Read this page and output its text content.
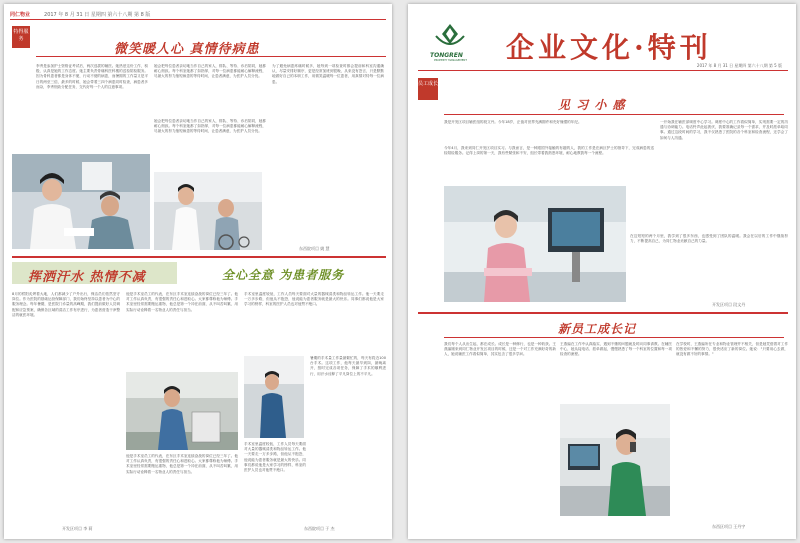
同仁物业	2017 年 8 月 31 日 星期四 第六十八期 第 8 版
特得服务
微笑暖人心 真情待病患
李秀是参加护士资格证考试后，两次选拔的辅医。她热爱这份工作，积极、认真是她的工作态度。她主要负责骨痛科医科楼的送检陪检服务。因为骨科患者都是身体不便，行动不便的病患，而暑期的工作量又是平日的两至三倍，最多的时候，她会带着三四个病患同时检查，病患者多而杂，李秀细致分配任务，交代好每一个人的注意事项。
她会把每位患者亲切地当作自己的家人，排队、等待、诊后陪同，她都耐心细致。每个科室她都了如指掌，对每一位病患都能耐心解释流程，尽最大的努力缩短病患的等待时间，让患者满意，为医护人员分忧。
为了避免病患疼痛时候多，她每到一项检查时都会提前和科室沟通确认，尽量安排好顺序，更是经常加班到很晚，从来没有怨言，只是默默地做好自己的本职工作，用微笑温暖每一位患者，用真情对待每一位病患。
她会把每位患者亲切地当作自己的家人，排队、等待、诊后陪同，她都耐心细致。每个科室她都了如指掌，对每一位病患都能耐心解释流程，尽最大的努力缩短病患的等待时间，让患者满意，为医护人员分忧。
东西院项目 姚 慧
挥洒汗水 热情不减	全心全意 为患者服务
8月的骄阳炙烤着大地，人们都减少了户外出行，保洁员们依然坚守岗位。作为医院的基础运营保障部门，我们始终坚持以患者为中心的服务理念。每年暑期，是医院门诊量的高峰期，我们提前做好人员调配和应急预案，确保各区域的清洁工作有序进行，为患者营造干净整洁的就医环境。
他是手术室员工的代表，在东区手术室连续奋战的岗位已经三年了。他对工作认真负责，有很强的责任心和进取心。大家都尊称他为师傅。手术室里经常需要搬运重物，他总是第一个冲在前面，从不叫苦叫累，用实际行动诠释着一名物业人的责任与担当。
他是手术室员工的代表，在东区手术室连续奋战的岗位已经三年了。他对工作认真负责，有很强的责任心和进取心。大家都尊称他为师傅。手术室里经常需要搬运重物，他总是第一个冲在前面，从不叫苦叫累，用实际行动诠释着一名物业人的责任与担当。
开发区项目 李 莉
手术室里温度较低，工作人员每天要面对大量的器械清洗和物品转运工作。他一天要走一万多步路，但他从不抱怨，他说能为患者服务就是最大的快乐。同事们都说他是大家学习的榜样，科室的医护人员也对他赞不绝口。
暑期的手术量工作量最繁忙的，每天有将近100台手术。这项工作，他每天最早到岗，最晚离开，按时完成各项任务，保障了手术的顺利进行，用汗水诠释了平凡岗位上的不平凡。
手术室里温度较低，工作人员每天要面对大量的器械清洗和物品转运工作。他一天要走一万多步路，但他从不抱怨，他说能为患者服务就是最大的快乐。同事们都说他是大家学习的榜样，科室的医护人员也对他赞不绝口。
东西院项目 于 杰
TONGREN
PROPERTY MANAGEMENT 企业文化·特刊
2017 年 8 月 31 日 星期四 第六十八期 第 5 版
员工成长
见 习 小 感
我是开发区项目辅医组的段文丹。今年18岁，正值对世界充满期许和充好憧憬的年纪。
今年4月，我来到同仁开发区项目实习。与我而言，是一种跟国外接触的有趣的人，我的工作是在病区护士的指导下，完成病患的送检陪检服务。记得上岗的第一天，我有些紧张和不安，组长带着我熟悉环境，耐心地教我每一个流程。
一开始我在辅医部调度中心学习。调度中心的工作看似简单，实则需要一定的沟通与协调能力。电话铃声此起彼伏，我要准确记录每一个需求，并及时派单给同事。通过这段时间的学习，我不仅熟悉了医院的各个科室和检查流程，还学会了如何与人沟通。
在这短短的两个月里，我学到了很多东西，也感受到了团队的温暖。我会在以后的工作中继续努力，不断提高自己，为同仁物业贡献自己的力量。
开发区项目 段文丹
新员工成长记
我们每个人从出生起，都在成长。成长是一种修行，也是一种收获。王燕编刚来到同仁物业开发区项目的时候，还是一个对工作充满好奇的新人，她说辅医工作看似简单，其实包含了很多学问。
王燕编在工作中认真踏实，遇到不懂的问题就及时向同事请教。在辅医中心，她从接电话、派单做起，慢慢熟悉了每一个科室的位置和每一项检查的流程。
在学校时，王燕编所在专业和物业管理并不相关，但是她凭借着对工作的热爱和不懈的努力，很快适应了新的岗位。她说："只要用心去做，就没有做不好的事情。"
东西区项目 王丹宇
